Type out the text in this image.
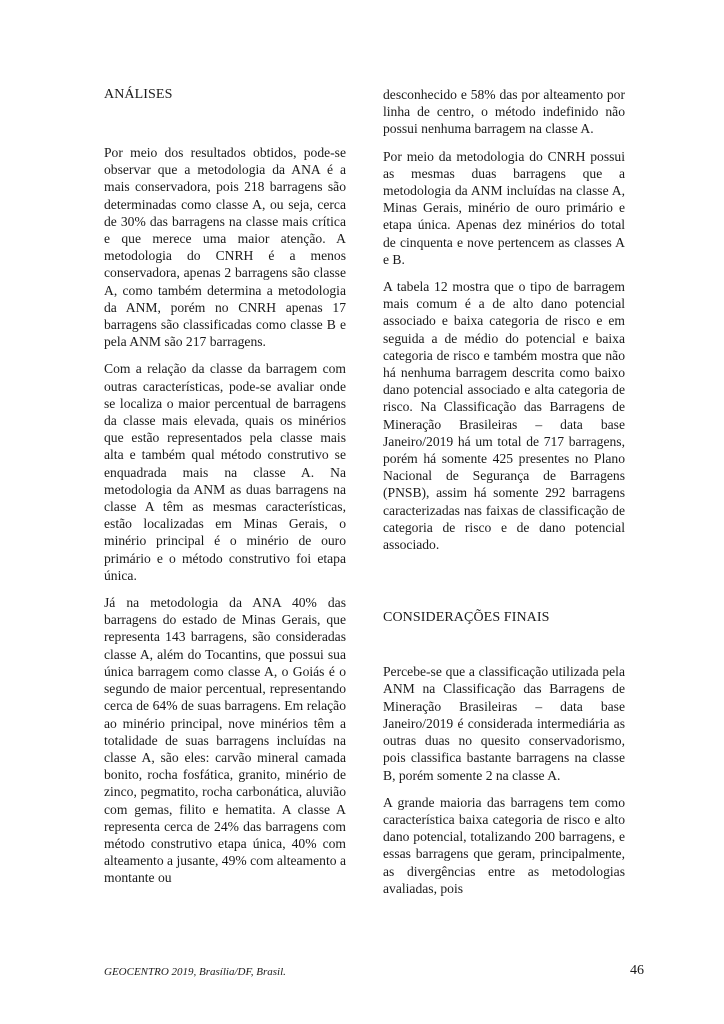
ANÁLISES

Por meio dos resultados obtidos, pode-se observar que a metodologia da ANA é a mais conservadora, pois 218 barragens são determinadas como classe A, ou seja, cerca de 30% das barragens na classe mais crítica e que merece uma maior atenção. A metodologia do CNRH é a menos conservadora, apenas 2 barragens são classe A, como também determina a metodologia da ANM, porém no CNRH apenas 17 barragens são classificadas como classe B e pela ANM são 217 barragens.

Com a relação da classe da barragem com outras características, pode-se avaliar onde se localiza o maior percentual de barragens da classe mais elevada, quais os minérios que estão representados pela classe mais alta e também qual método construtivo se enquadrada mais na classe A. Na metodologia da ANM as duas barragens na classe A têm as mesmas características, estão localizadas em Minas Gerais, o minério principal é o minério de ouro primário e o método construtivo foi etapa única.

Já na metodologia da ANA 40% das barragens do estado de Minas Gerais, que representa 143 barragens, são consideradas classe A, além do Tocantins, que possui sua única barragem como classe A, o Goiás é o segundo de maior percentual, representando cerca de 64% de suas barragens. Em relação ao minério principal, nove minérios têm a totalidade de suas barragens incluídas na classe A, são eles: carvão mineral camada bonito, rocha fosfática, granito, minério de zinco, pegmatito, rocha carbonática, aluvião com gemas, filito e hematita. A classe A representa cerca de 24% das barragens com método construtivo etapa única, 40% com alteamento a jusante, 49% com alteamento a montante ou

desconhecido e 58% das por alteamento por linha de centro, o método indefinido não possui nenhuma barragem na classe A.

Por meio da metodologia do CNRH possui as mesmas duas barragens que a metodologia da ANM incluídas na classe A, Minas Gerais, minério de ouro primário e etapa única. Apenas dez minérios do total de cinquenta e nove pertencem as classes A e B.

A tabela 12 mostra que o tipo de barragem mais comum é a de alto dano potencial associado e baixa categoria de risco e em seguida a de médio do potencial e baixa categoria de risco e também mostra que não há nenhuma barragem descrita como baixo dano potencial associado e alta categoria de risco. Na Classificação das Barragens de Mineração Brasileiras – data base Janeiro/2019 há um total de 717 barragens, porém há somente 425 presentes no Plano Nacional de Segurança de Barragens (PNSB), assim há somente 292 barragens caracterizadas nas faixas de classificação de categoria de risco e de dano potencial associado.

CONSIDERAÇÕES FINAIS

Percebe-se que a classificação utilizada pela ANM na Classificação das Barragens de Mineração Brasileiras – data base Janeiro/2019 é considerada intermediária as outras duas no quesito conservadorismo, pois classifica bastante barragens na classe B, porém somente 2 na classe A.

A grande maioria das barragens tem como característica baixa categoria de risco e alto dano potencial, totalizando 200 barragens, e essas barragens que geram, principalmente, as divergências entre as metodologias avaliadas, pois

GEOCENTRO 2019, Brasília/DF, Brasil.	46
